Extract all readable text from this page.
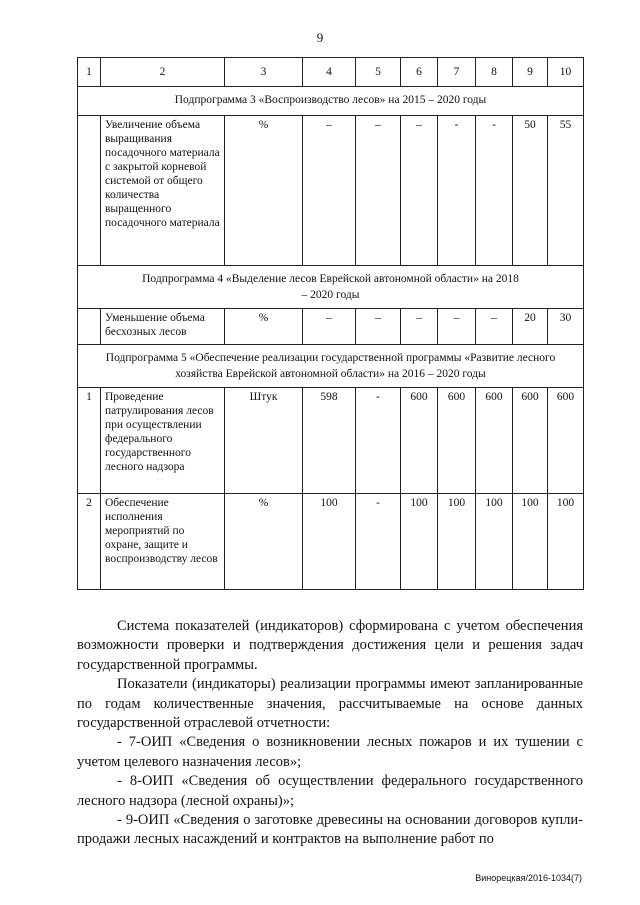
9
1	2	3	4	5	6	7	8	9	10
Подпрограмма 3 «Воспроизводство лесов» на 2015 – 2020 годы									
	Увеличение объема выращивания посадочного материала с закрытой корневой системой от общего количества выращенного посадочного материала	%	–	–	–	-	-	50	55
Подпрограмма 4 «Выделение лесов Еврейской автономной области» на 2018 – 2020 годы									
	Уменьшение объема бесхозных лесов	%	–	–	–	–	–	20	30
Подпрограмма 5 «Обеспечение реализации государственной программы «Развитие лесного хозяйства Еврейской автономной области» на 2016 – 2020 годы									
1	Проведение патрулирования лесов при осуществлении федерального государственного лесного надзора	Штук	598	-	600	600	600	600	600
2	Обеспечение исполнения мероприятий по охране, защите и воспроизводству лесов	%	100	-	100	100	100	100	100

Система показателей (индикаторов) сформирована с учетом обеспечения возможности проверки и подтверждения достижения цели и решения задач государственной программы.

Показатели (индикаторы) реализации программы имеют запланированные по годам количественные значения, рассчитываемые на основе данных государственной отраслевой отчетности:

- 7-ОИП «Сведения о возникновении лесных пожаров и их тушении с учетом целевого назначения лесов»;

- 8-ОИП «Сведения об осуществлении федерального государственного лесного надзора (лесной охраны)»;

- 9-ОИП «Сведения о заготовке древесины на основании договоров купли-продажи лесных насаждений и контрактов на выполнение работ по

Винорецкая/2016-1034(7)
